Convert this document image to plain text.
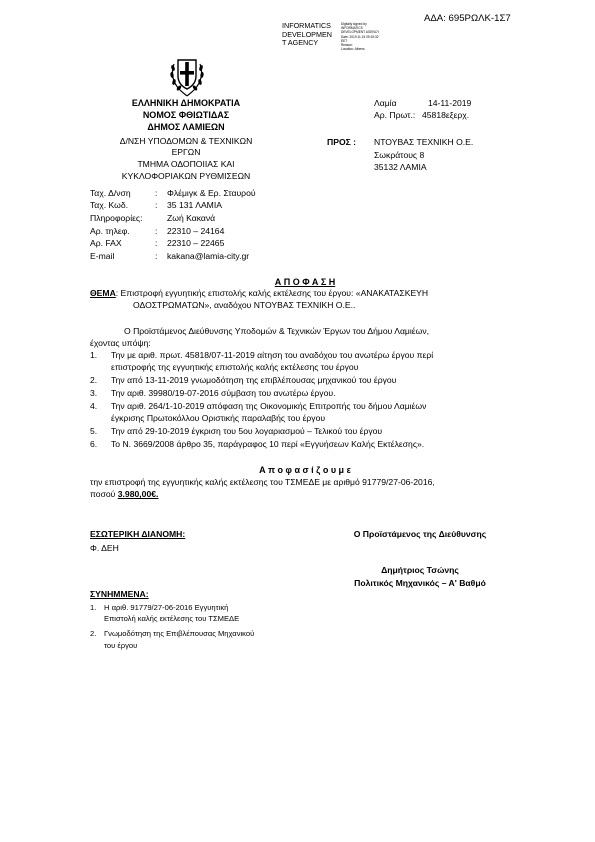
ΑΔΑ: 695ΡΩΛΚ-1Σ7
INFORMATICS
DEVELOPMEN
T AGENCY
Digitally signed by
INFORMATICS
DEVELOPMENT AGENCY
Date: 2019.11.15 09:15:32
EET
Reason:
Location: Athens

ΕΛΛΗΝΙΚΗ ΔΗΜΟΚΡΑΤΙΑ
ΝΟΜΟΣ ΦΘΙΩΤΙΔΑΣ
ΔΗΜΟΣ ΛΑΜΙΕΩΝ
Δ/ΝΣΗ ΥΠΟΔΟΜΩΝ & ΤΕΧΝΙΚΩΝ
ΕΡΓΩΝ
ΤΜΗΜΑ ΟΔΟΠΟΙΙΑΣ ΚΑΙ
ΚΥΚΛΟΦΟΡΙΑΚΩΝ ΡΥΘΜΙΣΕΩΝ
Ταχ. Δ/νση	: Φλέμιγκ & Ερ. Σταυρού
Ταχ. Κωδ.	: 35 131 ΛΑΜΙΑ
Πληροφορίες:	Ζωή Κακανά
Αρ. τηλεφ.	: 22310 – 24164
Αρ. FAX	: 22310 – 22465
E-mail	: kakana@lamia-city.gr
Λαμία	14-11-2019
Αρ. Πρωτ.: 45818εξερχ.
ΠΡΟΣ : ΝΤΟΥΒΑΣ ΤΕΧΝΙΚΗ Ο.Ε.
Σωκράτους 8
35132 ΛΑΜΙΑ
Α Π Ο Φ Α Σ Η
ΘΕΜΑ: Επιστροφή εγγυητικής επιστολής καλής εκτέλεσης του έργου: «ΑΝΑΚΑΤΑΣΚΕΥΗ
ΟΔΟΣΤΡΩΜΑΤΩΝ», αναδόχου ΝΤΟΥΒΑΣ ΤΕΧΝΙΚΗ Ο.Ε..
Ο Προϊστάμενος Διεύθυνσης Υποδομών & Τεχνικών Έργων του Δήμου Λαμιέων,
έχοντας υπόψη:
1. Την με αριθ. πρωτ. 45818/07-11-2019 αίτηση του αναδόχου του ανωτέρω έργου περί
επιστροφής της εγγυητικής επιστολής καλής εκτέλεσης του έργου
2. Την από 13-11-2019 γνωμοδότηση της επιβλέπουσας μηχανικού του έργου
3. Την αριθ. 39980/19-07-2016 σύμβαση του ανωτέρω έργου.
4. Την αριθ. 264/1-10-2019 απόφαση της Οικονομικής Επιτροπής του δήμου Λαμιέων
έγκρισης Πρωτοκόλλου Οριστικής παραλαβής του έργου
5. Την από 29-10-2019 έγκριση του 5ου λογαριασμού – Τελικού του έργου
6. Το Ν. 3669/2008 άρθρο 35, παράγραφος 10 περί «Εγγυήσεων Καλής Εκτέλεσης».
Α π ο φ α σ ί ζ ο υ μ ε
την επιστροφή της εγγυητικής καλής εκτέλεσης του ΤΣΜΕΔΕ με αριθμό 91779/27-06-2016,
ποσού 3.980,00€.
ΕΣΩΤΕΡΙΚΗ ΔΙΑΝΟΜΗ:
Φ. ΔΕΗ
Ο Προϊστάμενος της Διεύθυνσης
Δημήτριος Τσώνης
Πολιτικός Μηχανικός – Α' Βαθμό
ΣΥΝΗΜΜΕΝΑ:
1. Η αριθ. 91779/27-06-2016 Εγγυητική
Επιστολή καλής εκτέλεσης του ΤΣΜΕΔΕ
2. Γνωμοδότηση της Επιβλέπουσας Μηχανικού
του έργου
